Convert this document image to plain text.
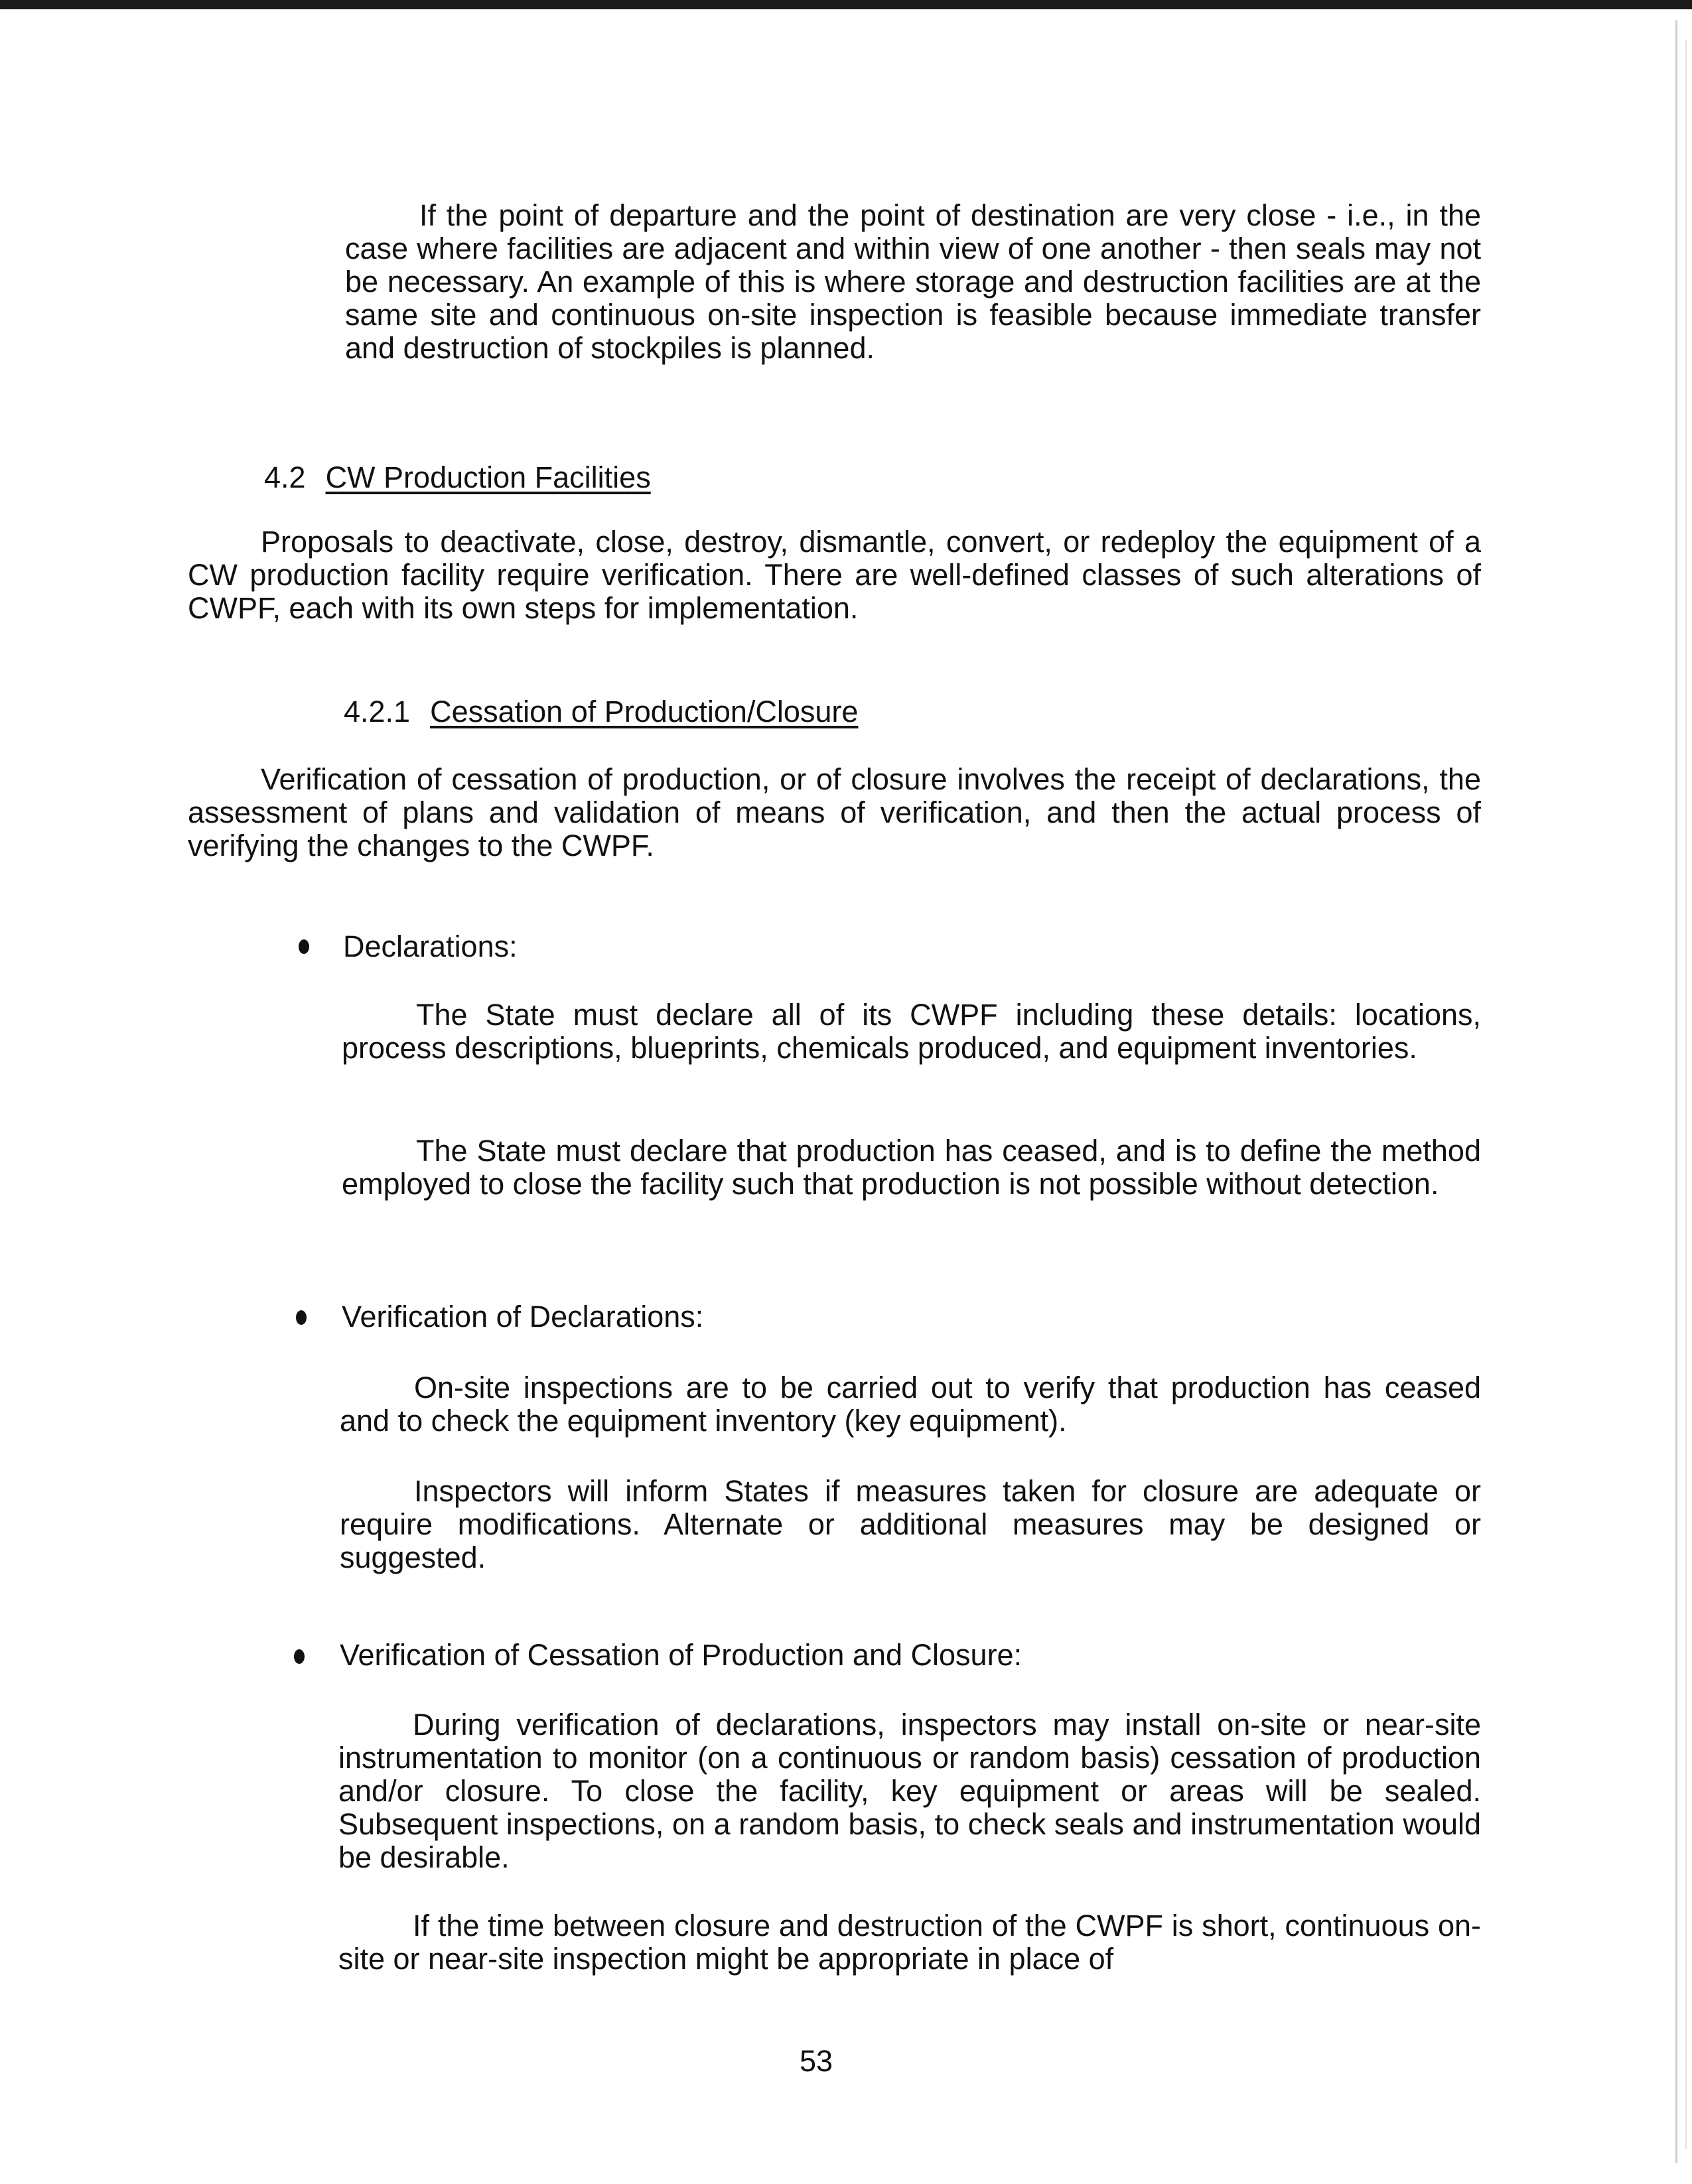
If the point of departure and the point of destination are very close - i.e., in the case where facilities are adjacent and within view of one another - then seals may not be necessary. An example of this is where storage and destruction facilities are at the same site and continuous on-site inspection is feasible because immediate transfer and destruction of stockpiles is planned.

4.2 CW Production Facilities

Proposals to deactivate, close, destroy, dismantle, convert, or redeploy the equipment of a CW production facility require verification. There are well-defined classes of such alterations of CWPF, each with its own steps for implementation.

4.2.1 Cessation of Production/Closure

Verification of cessation of production, or of closure involves the receipt of declarations, the assessment of plans and validation of means of verification, and then the actual process of verifying the changes to the CWPF.

Declarations:

The State must declare all of its CWPF including these details: locations, process descriptions, blueprints, chemicals produced, and equipment inventories.

The State must declare that production has ceased, and is to define the method employed to close the facility such that production is not possible without detection.

Verification of Declarations:

On-site inspections are to be carried out to verify that production has ceased and to check the equipment inventory (key equipment).

Inspectors will inform States if measures taken for closure are adequate or require modifications. Alternate or additional measures may be designed or suggested.

Verification of Cessation of Production and Closure:

During verification of declarations, inspectors may install on-site or near-site instrumentation to monitor (on a continuous or random basis) cessation of production and/or closure. To close the facility, key equipment or areas will be sealed. Subsequent inspections, on a random basis, to check seals and instrumentation would be desirable.

If the time between closure and destruction of the CWPF is short, continuous on-site or near-site inspection might be appropriate in place of

53
